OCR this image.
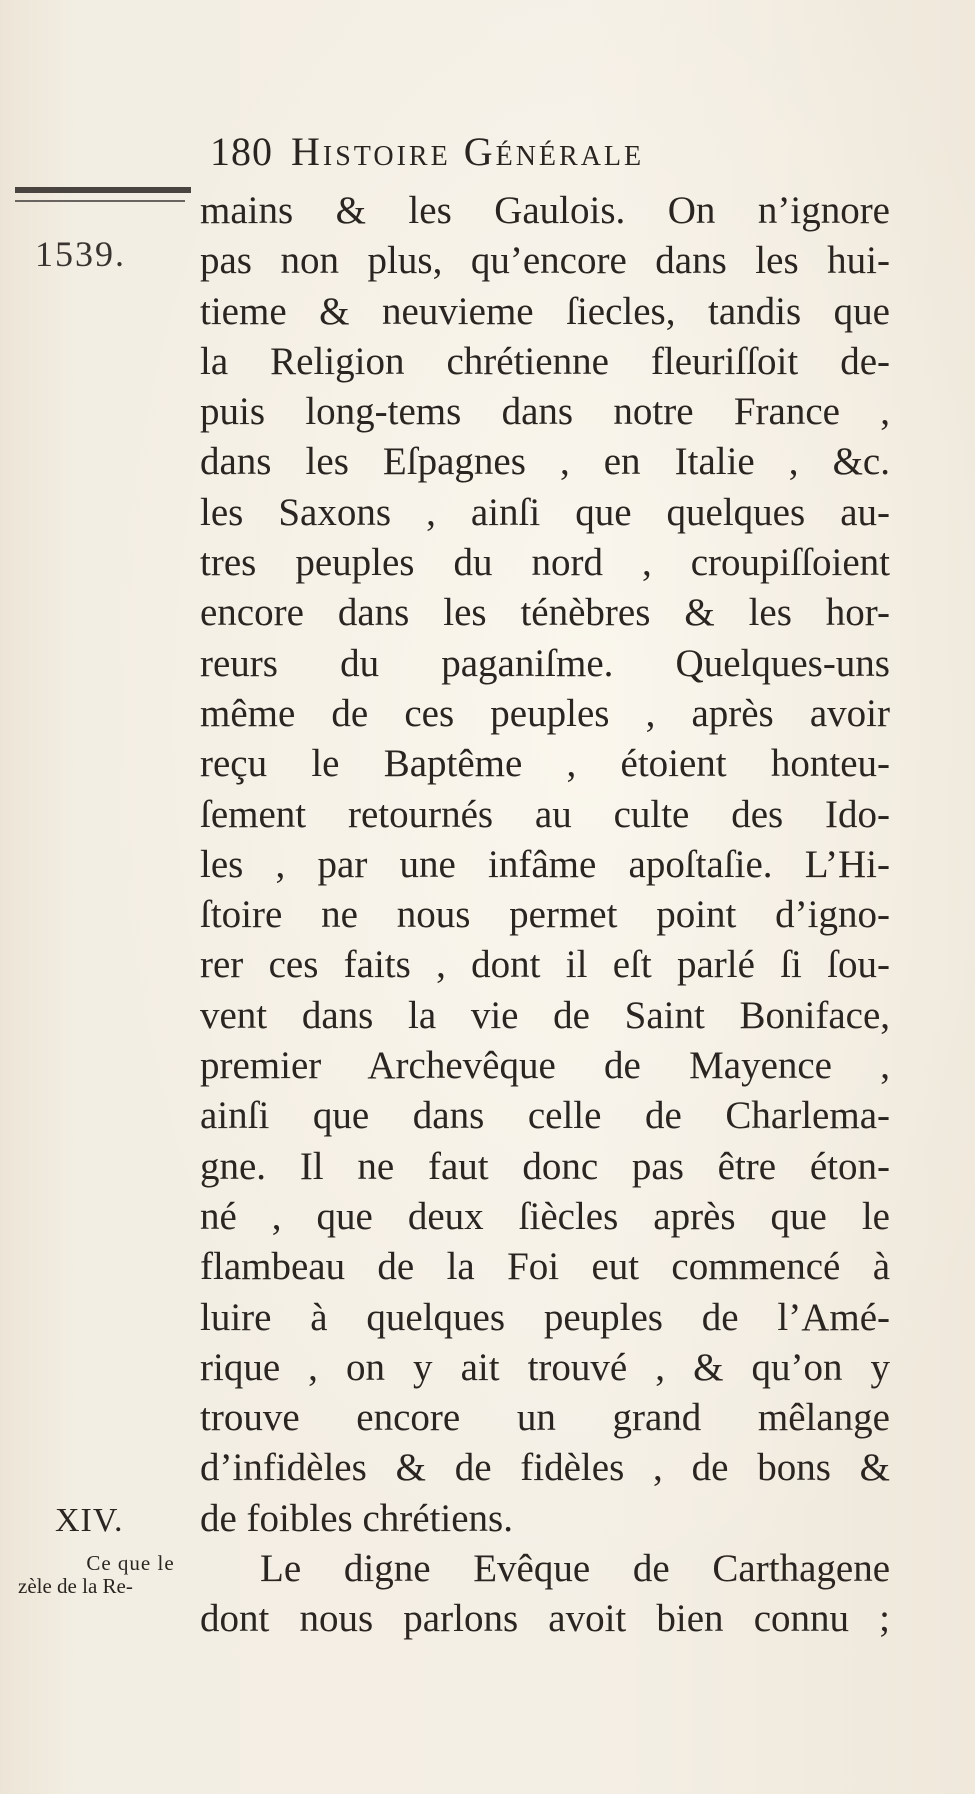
180 Histoire Générale
1539.
mains & les Gaulois. On n’ignore
pas non plus, qu’encore dans les hui-
tieme & neuvieme ſiecles, tandis que
la Religion chrétienne fleuriſſoit de-
puis long-tems dans notre France ,
dans les Eſpagnes , en Italie , &c.
les Saxons , ainſi que quelques au-
tres peuples du nord , croupiſſoient
encore dans les ténèbres & les hor-
reurs du paganiſme. Quelques-uns
même de ces peuples , après avoir
reçu le Baptême , étoient honteu-
ſement retournés au culte des Ido-
les , par une infâme apoſtaſie. L’Hi-
ſtoire ne nous permet point d’igno-
rer ces faits , dont il eſt parlé ſi ſou-
vent dans la vie de Saint Boniface,
premier Archevêque de Mayence ,
ainſi que dans celle de Charlema-
gne. Il ne faut donc pas être éton-
né , que deux ſiècles après que le
flambeau de la Foi eut commencé à
luire à quelques peuples de l’Amé-
rique , on y ait trouvé , & qu’on y
trouve encore un grand mêlange
d’infidèles & de fidèles , de bons &
de foibles chrétiens.
Le digne Evêque de Carthagene
dont nous parlons avoit bien connu ;
XIV.
Ce que le
zèle de la Re-
